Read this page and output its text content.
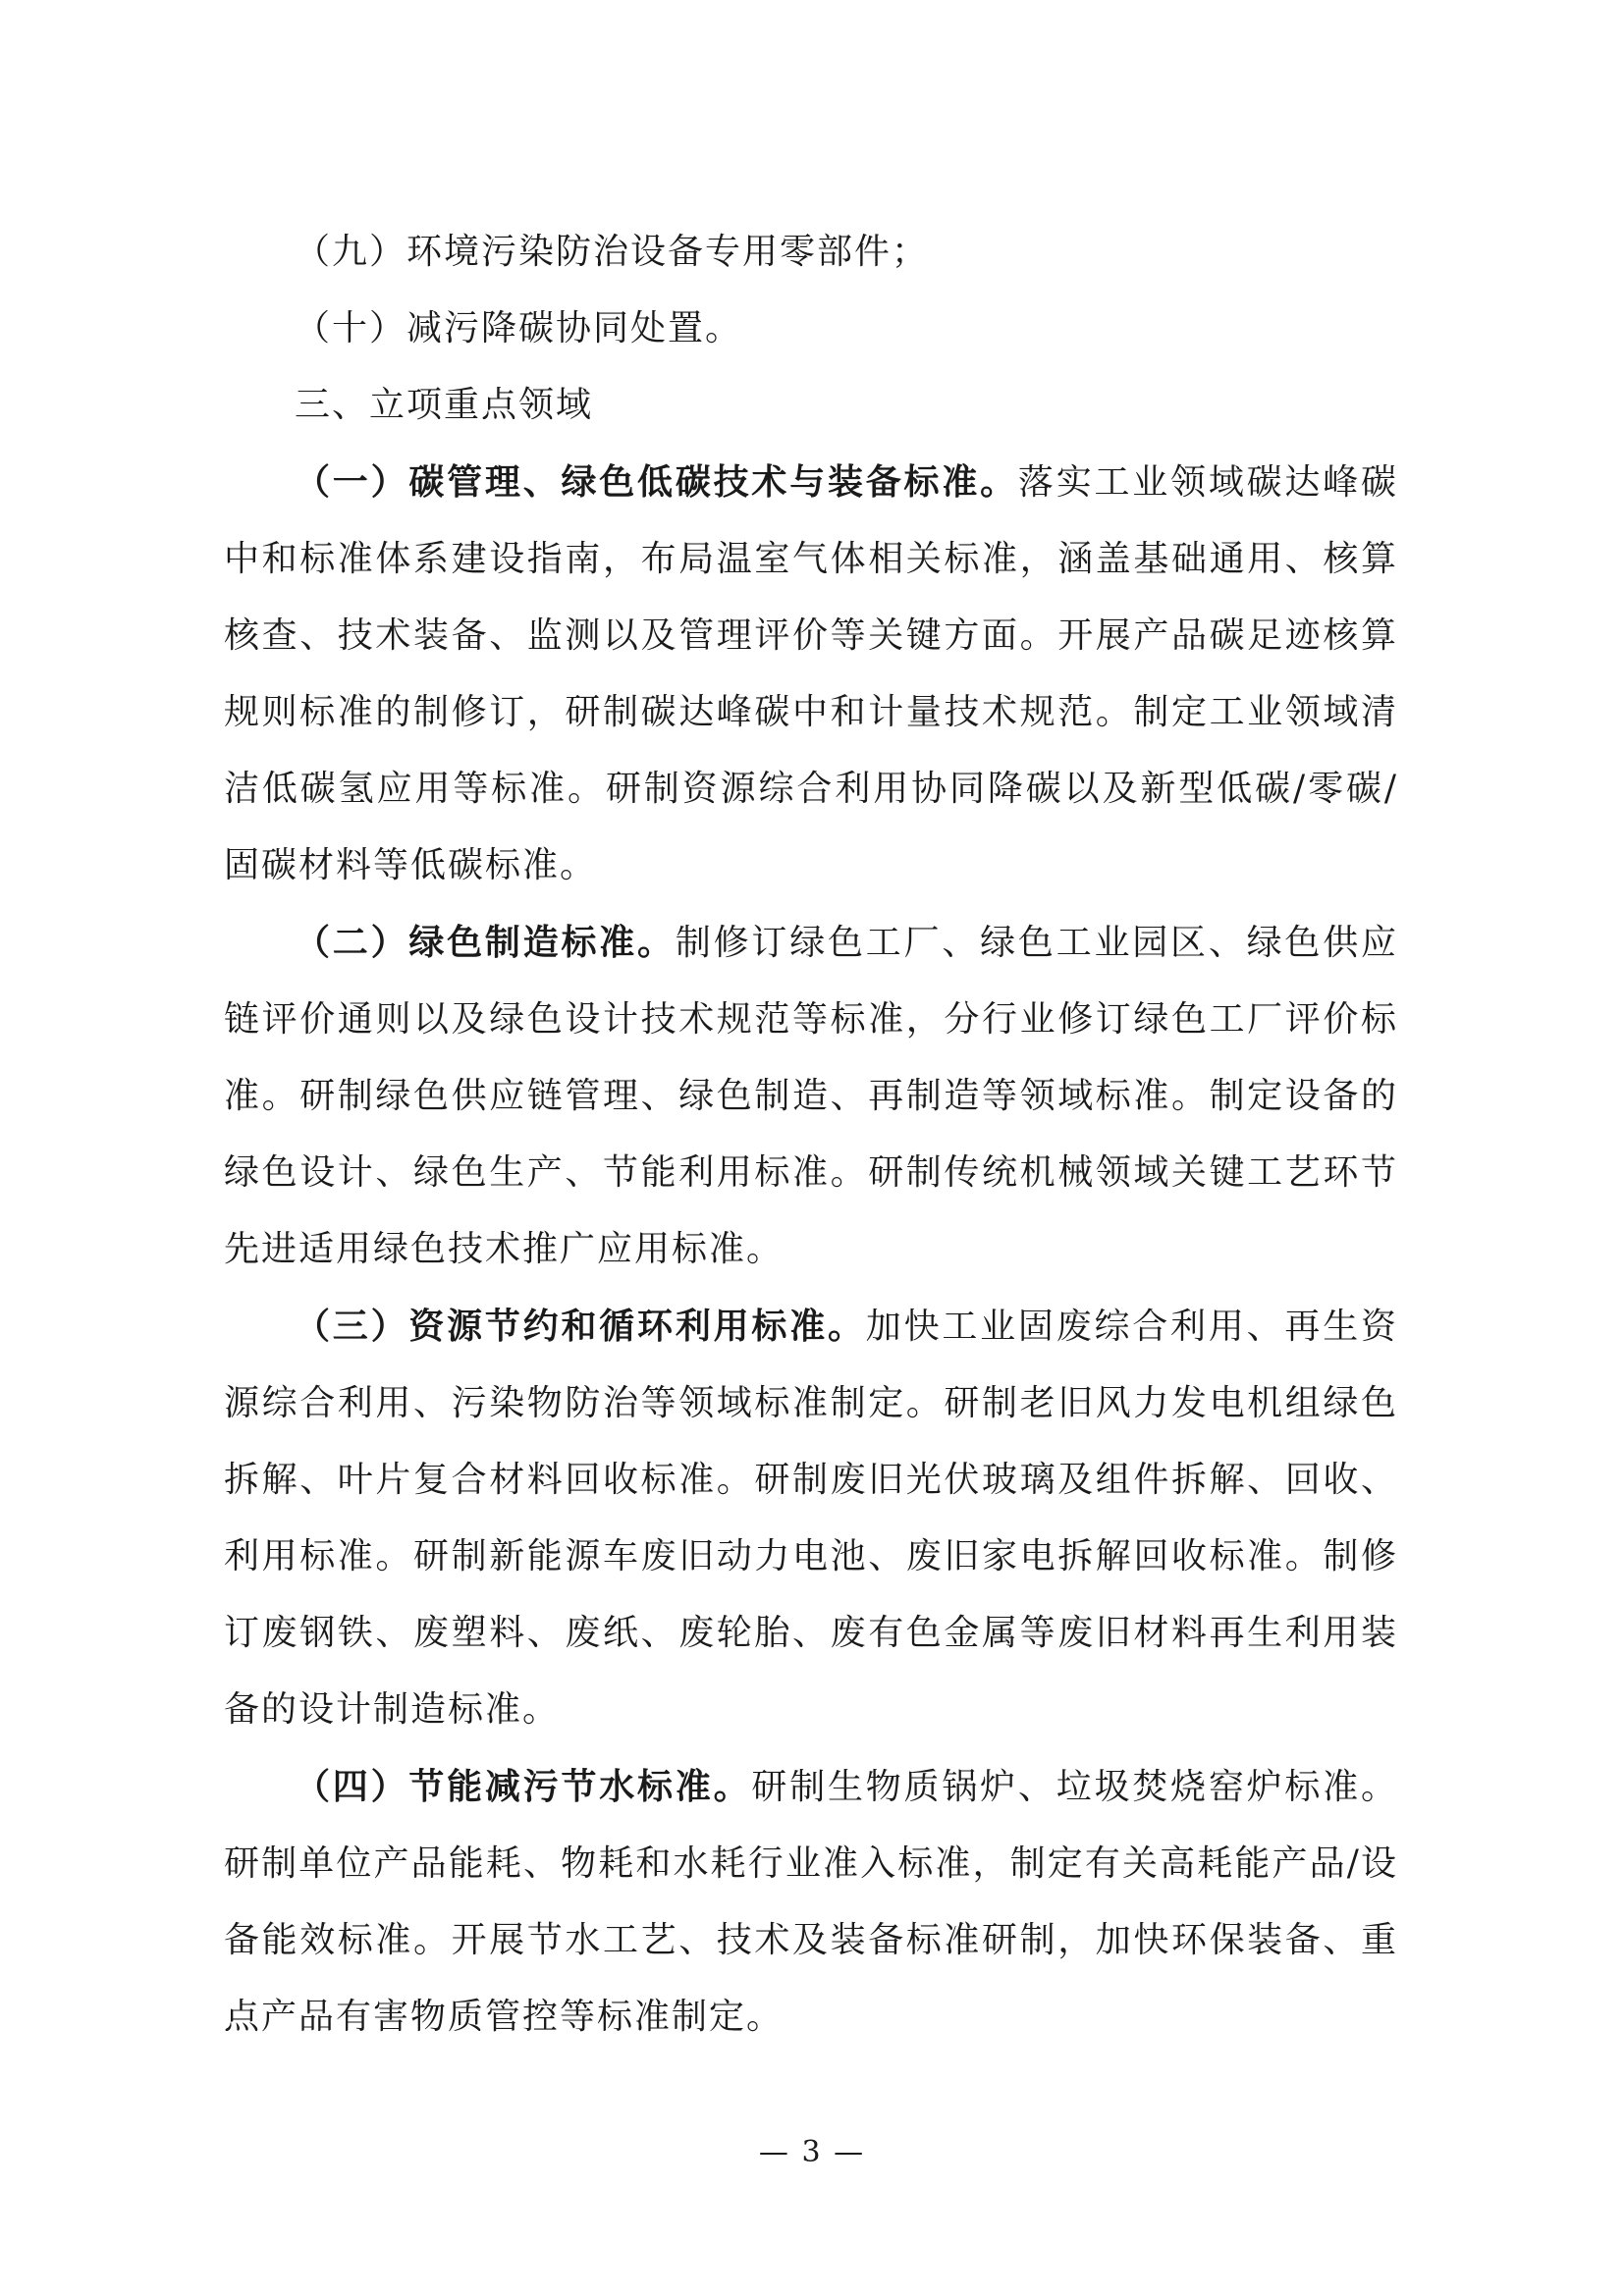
（九）环境污染防治设备专用零部件；
（十）减污降碳协同处置。
三、立项重点领域

（一）碳管理、绿色低碳技术与装备标准。落实工业领域碳达峰碳中和标准体系建设指南，布局温室气体相关标准，涵盖基础通用、核算核查、技术装备、监测以及管理评价等关键方面。开展产品碳足迹核算规则标准的制修订，研制碳达峰碳中和计量技术规范。制定工业领域清洁低碳氢应用等标准。研制资源综合利用协同降碳以及新型低碳/零碳/固碳材料等低碳标准。

（二）绿色制造标准。制修订绿色工厂、绿色工业园区、绿色供应链评价通则以及绿色设计技术规范等标准，分行业修订绿色工厂评价标准。研制绿色供应链管理、绿色制造、再制造等领域标准。制定设备的绿色设计、绿色生产、节能利用标准。研制传统机械领域关键工艺环节先进适用绿色技术推广应用标准。

（三）资源节约和循环利用标准。加快工业固废综合利用、再生资源综合利用、污染物防治等领域标准制定。研制老旧风力发电机组绿色拆解、叶片复合材料回收标准。研制废旧光伏玻璃及组件拆解、回收、利用标准。研制新能源车废旧动力电池、废旧家电拆解回收标准。制修订废钢铁、废塑料、废纸、废轮胎、废有色金属等废旧材料再生利用装备的设计制造标准。

（四）节能减污节水标准。研制生物质锅炉、垃圾焚烧窑炉标准。研制单位产品能耗、物耗和水耗行业准入标准，制定有关高耗能产品/设备能效标准。开展节水工艺、技术及装备标准研制，加快环保装备、重点产品有害物质管控等标准制定。

— 3 —
